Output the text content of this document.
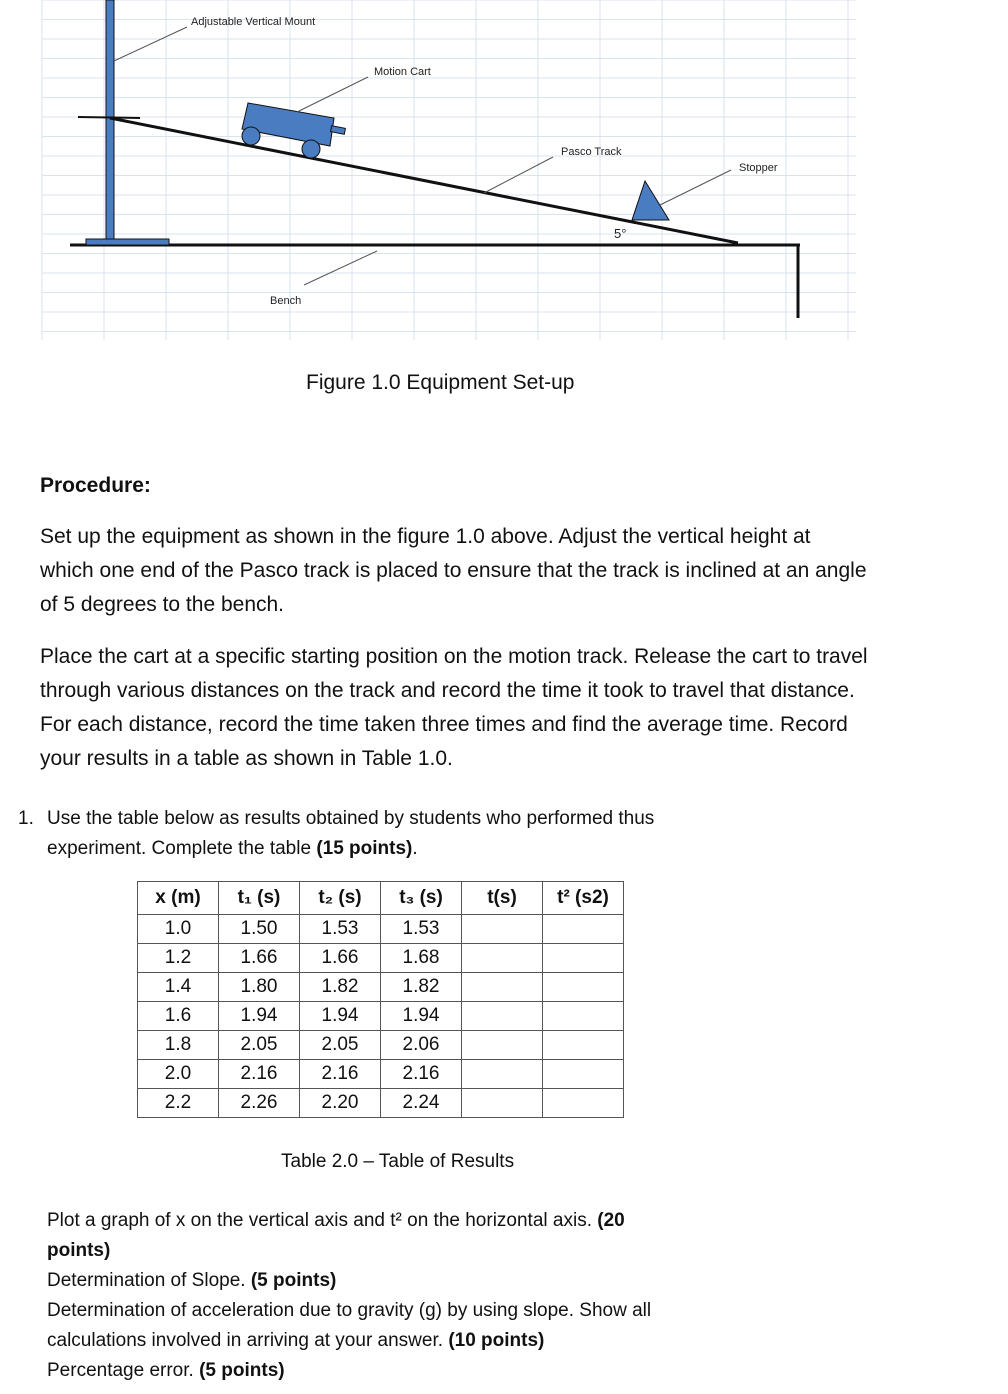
Adjustable Vertical Mount
Motion Cart
Pasco Track
Stopper
5°
Bench
Figure 1.0 Equipment Set-up
Procedure:
Set up the equipment as shown in the figure 1.0 above. Adjust the vertical height at which one end of the Pasco track is placed to ensure that the track is inclined at an angle of 5 degrees to the bench.
Place the cart at a specific starting position on the motion track. Release the cart to travel through various distances on the track and record the time it took to travel that distance. For each distance, record the time taken three times and find the average time. Record your results in a table as shown in Table 1.0.
1. Use the table below as results obtained by students who performed thus
experiment. Complete the table (15 points).
x (m)	t₁ (s)	t₂ (s)	t₃ (s)	t(s)	t² (s2)
1.0	1.50	1.53	1.53		
1.2	1.66	1.66	1.68		
1.4	1.80	1.82	1.82		
1.6	1.94	1.94	1.94		
1.8	2.05	2.05	2.06		
2.0	2.16	2.16	2.16		
2.2	2.26	2.20	2.24		
Table 2.0 – Table of Results
Plot a graph of x on the vertical axis and t² on the horizontal axis. (20
points)
Determination of Slope. (5 points)
Determination of acceleration due to gravity (g) by using slope. Show all
calculations involved in arriving at your answer. (10 points)
Percentage error. (5 points)
